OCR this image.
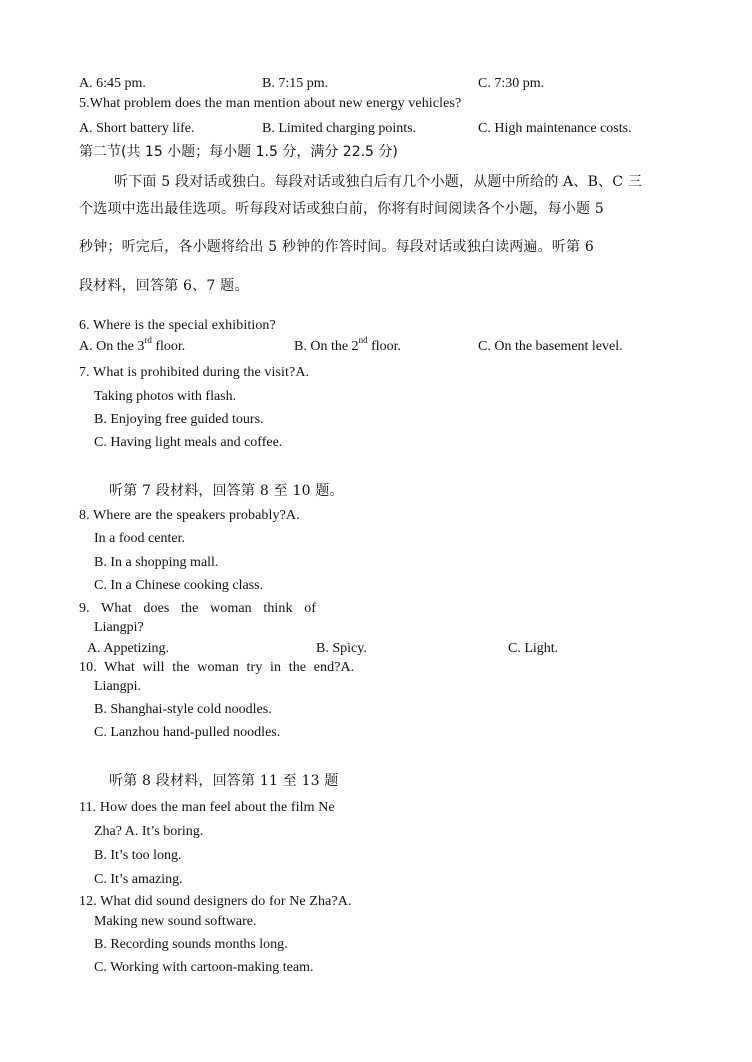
A. 6:45 pm.	B. 7:15 pm.	C. 7:30 pm.
5.What problem does the man mention about new energy vehicles?
A. Short battery life.	B. Limited charging points.	C. High maintenance costs.
第二节(共 15 小题；每小题 1.5 分，满分 22.5 分)
听下面 5 段对话或独白。每段对话或独白后有几个小题，从题中所给的 A、B、C 三
个选项中选出最佳选项。听每段对话或独白前，你将有时间阅读各个小题，每小题 5
秒钟；听完后，各小题将给出 5 秒钟的作答时间。每段对话或独白读两遍。听第 6
段材料，回答第 6、7 题。
6. Where is the special exhibition?
A. On the 3rd floor.	B. On the 2nd floor.	C. On the basement level.
7. What is prohibited during the visit?A.
Taking photos with flash.
B. Enjoying free guided tours.
C. Having light meals and coffee.
听第 7 段材料，回答第 8 至 10 题。
8. Where are the speakers probably?A.
In a food center.
B. In a shopping mall.
C. In a Chinese cooking class.
9. What does the woman think of
Liangpi?
A. Appetizing.	B. Spicy.	C. Light.
10. What will the woman try in the end?A.
Liangpi.
B. Shanghai-style cold noodles.
C. Lanzhou hand-pulled noodles.
听第 8 段材料，回答第 11 至 13 题
11. How does the man feel about the film Ne
Zha? A. It’s boring.
B. It’s too long.
C. It’s amazing.
12. What did sound designers do for Ne Zha?A.
Making new sound software.
B. Recording sounds months long.
C. Working with cartoon-making team.
